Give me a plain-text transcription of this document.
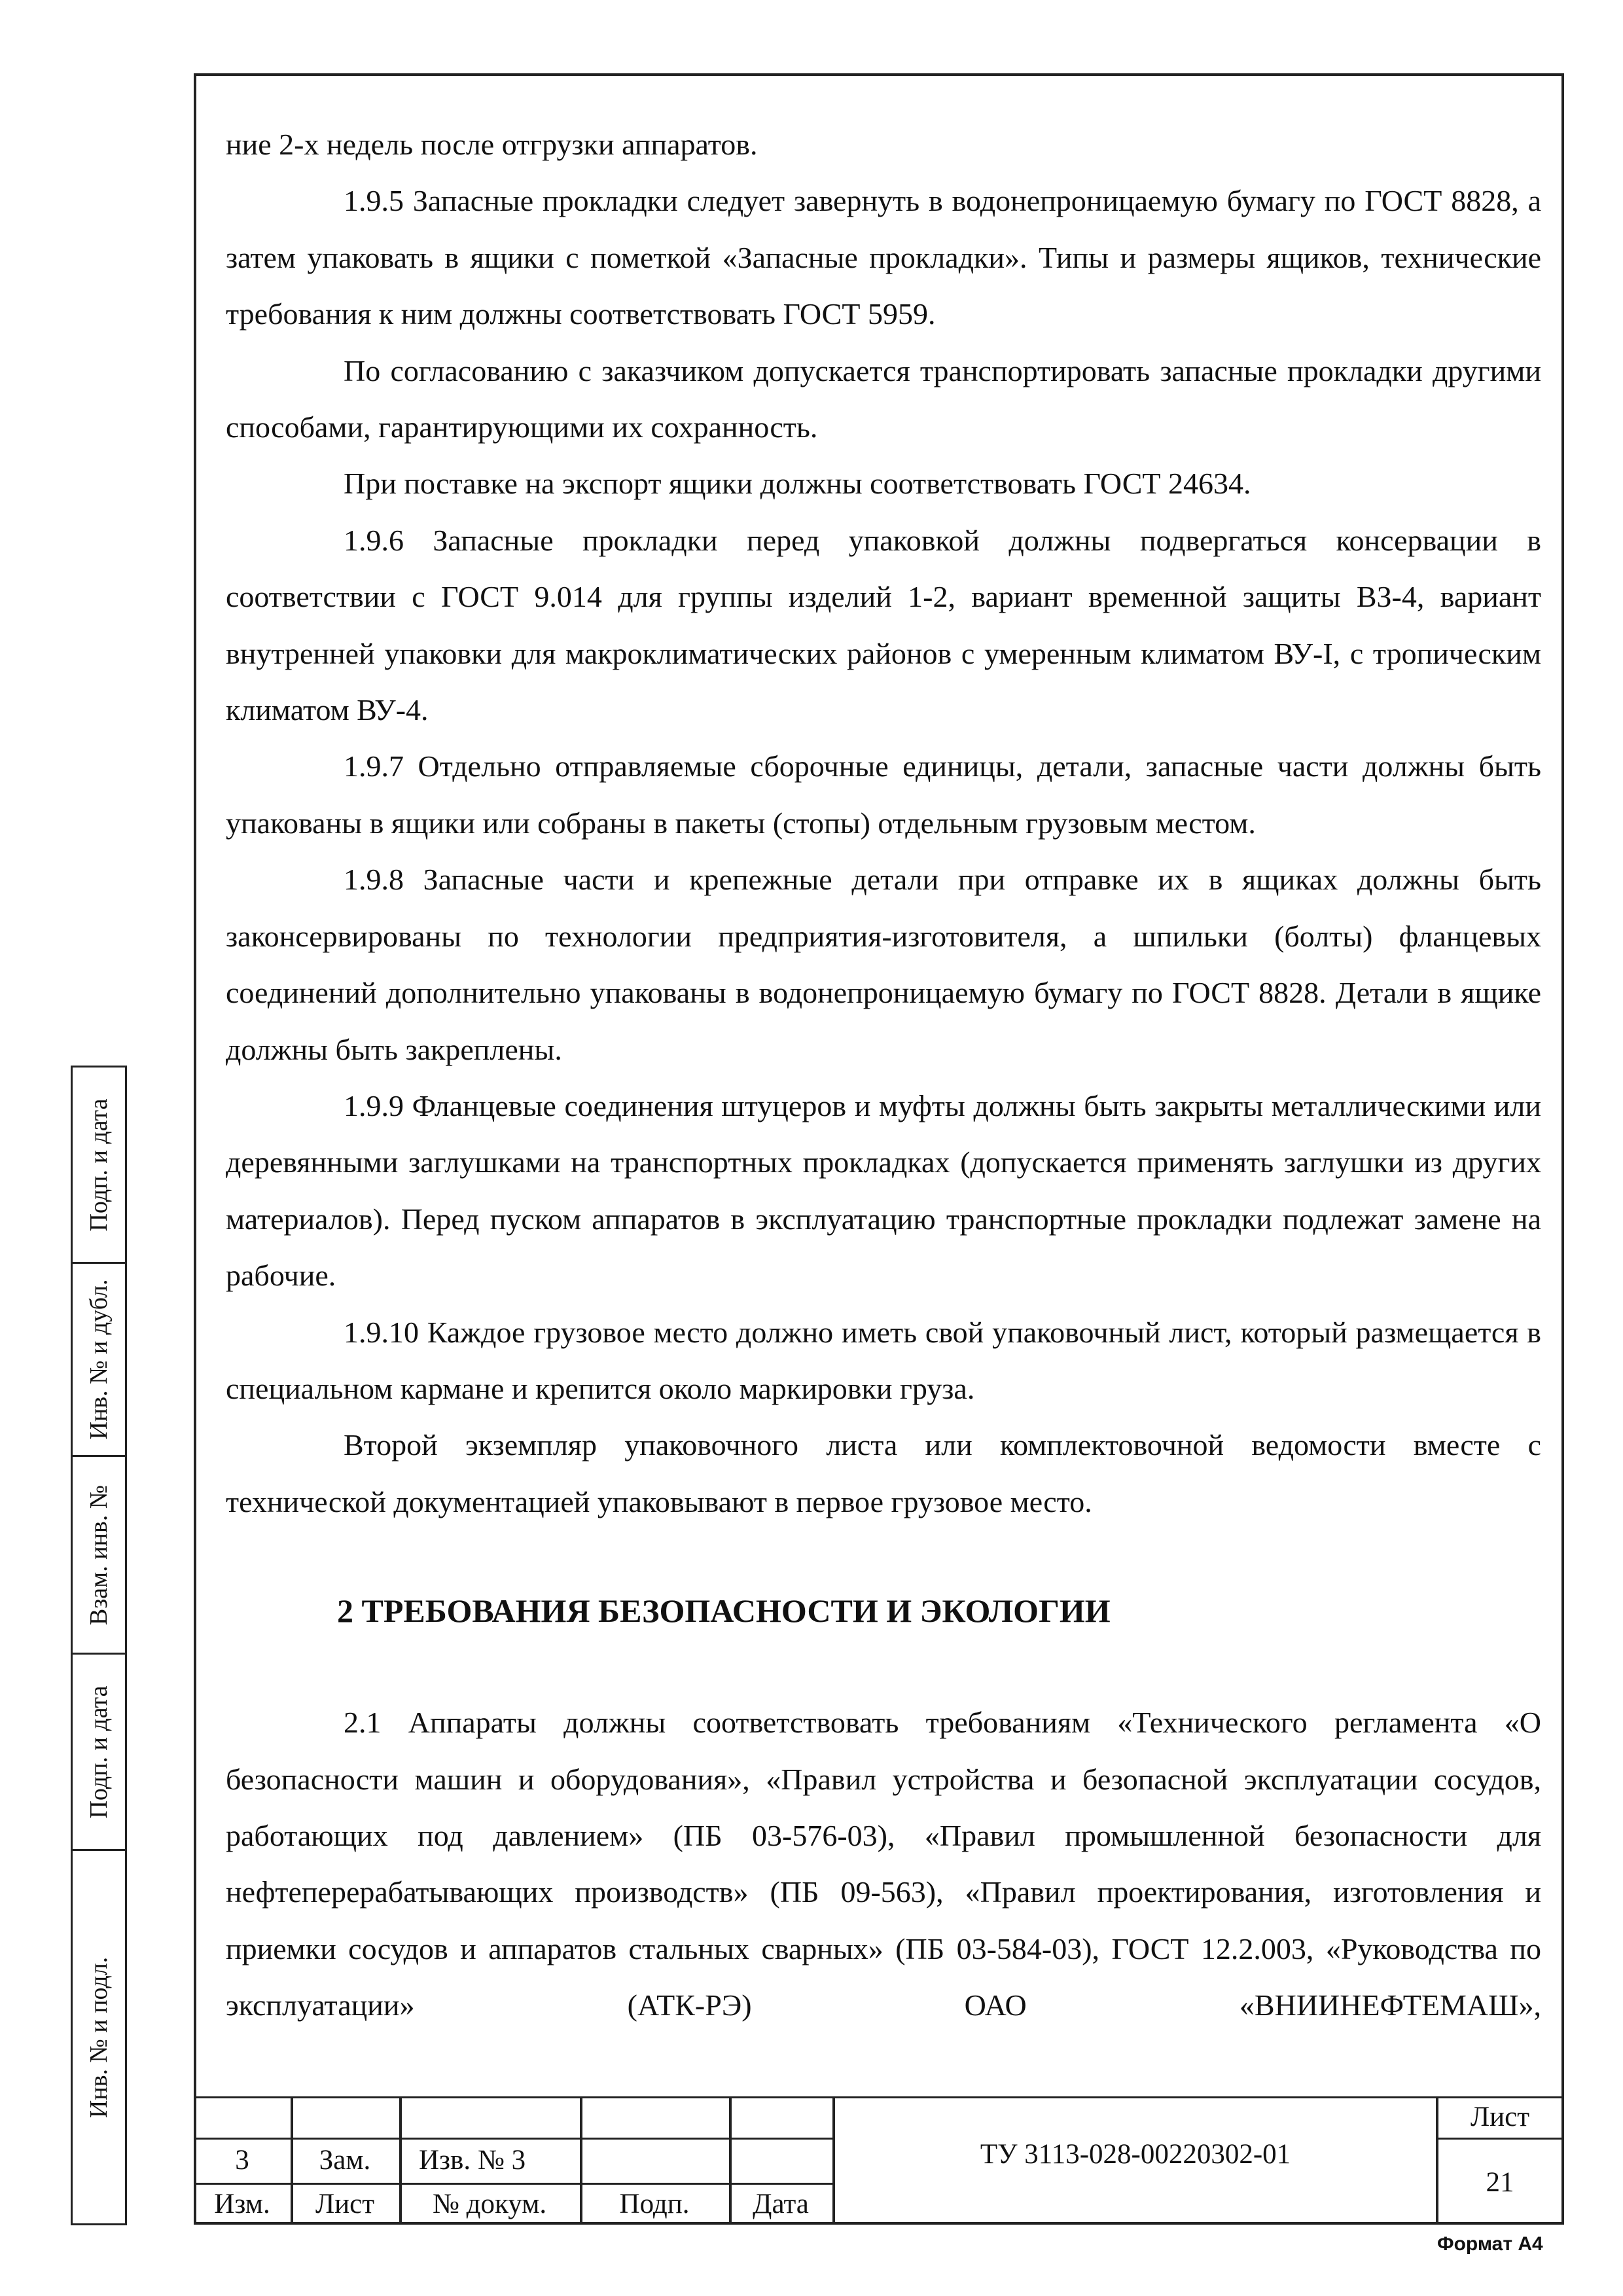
ние 2-х недель после отгрузки аппаратов.

1.9.5 Запасные прокладки следует завернуть в водонепроницаемую бумагу по ГОСТ 8828, а затем упаковать в ящики с пометкой «Запасные прокладки». Типы и размеры ящиков, технические требования к ним должны соответствовать ГОСТ 5959.

По согласованию с заказчиком допускается транспортировать запасные прокладки другими способами, гарантирующими их сохранность.

При поставке на экспорт ящики должны соответствовать ГОСТ 24634.

1.9.6 Запасные прокладки перед упаковкой должны подвергаться консервации в соответствии с ГОСТ 9.014 для группы изделий 1-2, вариант временной защиты ВЗ-4, вариант внутренней упаковки для макроклиматических районов с умеренным климатом ВУ-I, с тропическим климатом ВУ-4.

1.9.7 Отдельно отправляемые сборочные единицы, детали, запасные части должны быть упакованы в ящики или собраны в пакеты (стопы) отдельным грузовым местом.

1.9.8 Запасные части и крепежные детали при отправке их в ящиках должны быть законсервированы по технологии предприятия-изготовителя, а шпильки (болты) фланцевых соединений дополнительно упакованы в водонепроницаемую бумагу по ГОСТ 8828. Детали в ящике должны быть закреплены.

1.9.9 Фланцевые соединения штуцеров и муфты должны быть закрыты металлическими или деревянными заглушками на транспортных прокладках (допускается применять заглушки из других материалов). Перед пуском аппаратов в эксплуатацию транспортные прокладки подлежат замене на рабочие.

1.9.10 Каждое грузовое место должно иметь свой упаковочный лист, который размещается в специальном кармане и крепится около маркировки груза.

Второй экземпляр упаковочного листа или комплектовочной ведомости вместе с технической документацией упаковывают в первое грузовое место.

2 ТРЕБОВАНИЯ БЕЗОПАСНОСТИ И ЭКОЛОГИИ

2.1 Аппараты должны соответствовать требованиям «Технического регламента «О безопасности машин и оборудования», «Правил устройства и безопасной эксплуатации сосудов, работающих под давлением» (ПБ 03-576-03), «Правил промышленной безопасности для нефтеперерабатывающих производств» (ПБ 09-563), «Правил проектирования, изготовления и приемки сосудов и аппаратов стальных сварных» (ПБ 03-584-03), ГОСТ 12.2.003, «Руководства по эксплуатации» (АТК-РЭ) ОАО «ВНИИНЕФТЕМАШ»,

Подп. и дата
Инв. № и дубл.
Взам. инв. №
Подп. и дата
Инв. № и подл.
3	Зам.	Изв. № 3
Изм.	Лист	№ докум.	Подп.	Дата
ТУ 3113-028-00220302-01
Лист
21
Формат А4
